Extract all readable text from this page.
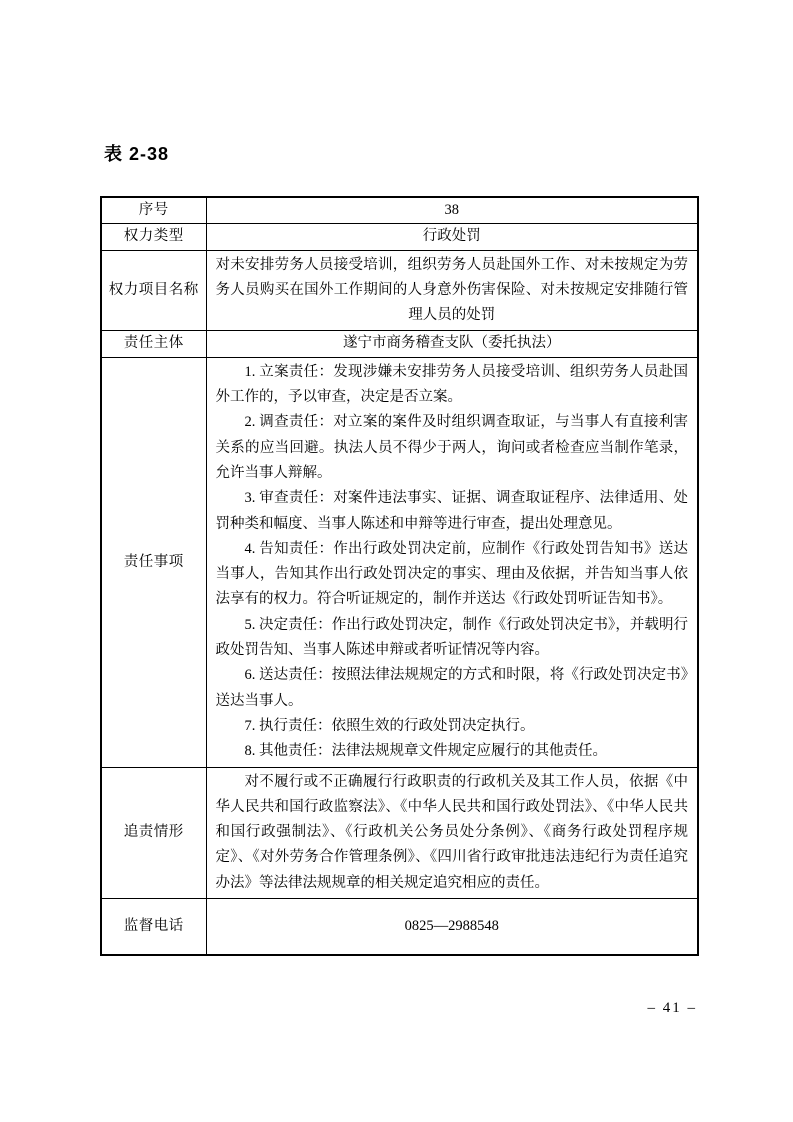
表 2-38
序号	38
权力类型	行政处罚
权力项目名称	对未安排劳务人员接受培训，组织劳务人员赴国外工作、对未按规定为劳务人员购买在国外工作期间的人身意外伤害保险、对未按规定安排随行管理人员的处罚
责任主体	遂宁市商务稽查支队（委托执法）
责任事项	

1. 立案责任：发现涉嫌未安排劳务人员接受培训、组织劳务人员赴国外工作的，予以审查，决定是否立案。

2. 调查责任：对立案的案件及时组织调查取证，与当事人有直接利害关系的应当回避。执法人员不得少于两人，询问或者检查应当制作笔录，允许当事人辩解。

3. 审查责任：对案件违法事实、证据、调查取证程序、法律适用、处罚种类和幅度、当事人陈述和申辩等进行审查，提出处理意见。

4. 告知责任：作出行政处罚决定前，应制作《行政处罚告知书》送达当事人，告知其作出行政处罚决定的事实、理由及依据，并告知当事人依法享有的权力。符合听证规定的，制作并送达《行政处罚听证告知书》。

5. 决定责任：作出行政处罚决定，制作《行政处罚决定书》，并载明行政处罚告知、当事人陈述申辩或者听证情况等内容。

6. 送达责任：按照法律法规规定的方式和时限，将《行政处罚决定书》送达当事人。

7. 执行责任：依照生效的行政处罚决定执行。

8. 其他责任：法律法规规章文件规定应履行的其他责任。

追责情形	对不履行或不正确履行行政职责的行政机关及其工作人员，依据《中华人民共和国行政监察法》、《中华人民共和国行政处罚法》、《中华人民共和国行政强制法》、《行政机关公务员处分条例》、《商务行政处罚程序规定》、《对外劳务合作管理条例》、《四川省行政审批违法违纪行为责任追究办法》等法律法规规章的相关规定追究相应的责任。

监督电话	0825—2988548
– 41 –
